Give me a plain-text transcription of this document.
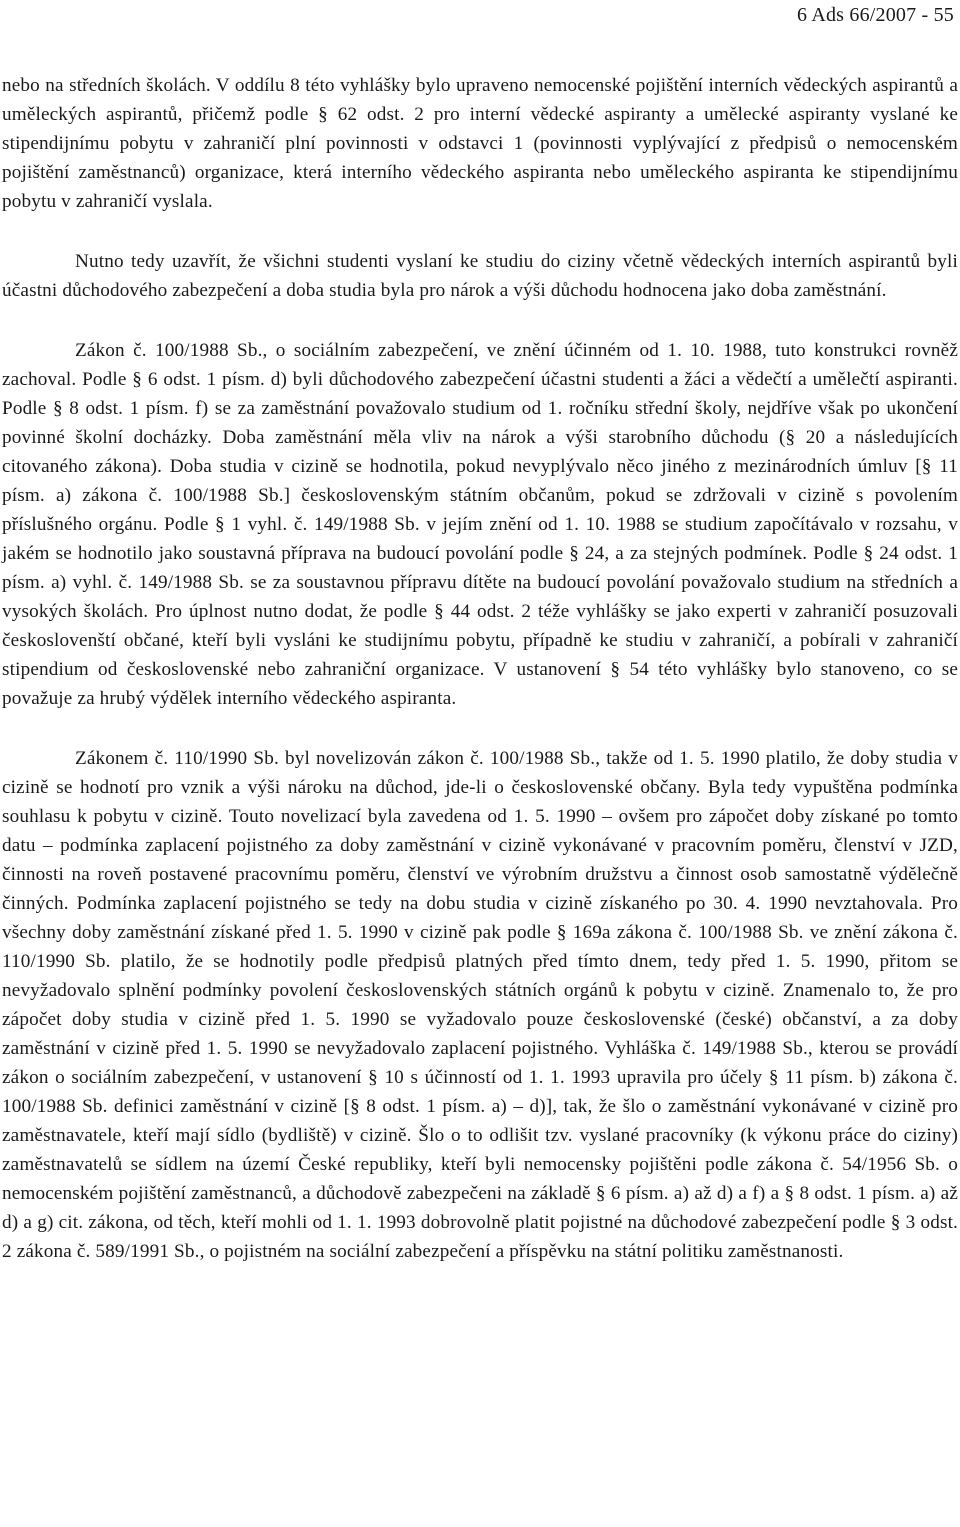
6 Ads 66/2007 - 55

nebo na středních školách. V oddílu 8 této vyhlášky bylo upraveno nemocenské pojištění interních vědeckých aspirantů a uměleckých aspirantů, přičemž podle § 62 odst. 2 pro interní vědecké aspiranty a umělecké aspiranty vyslané ke stipendijnímu pobytu v zahraničí plní povinnosti v odstavci 1 (povinnosti vyplývající z předpisů o nemocenském pojištění zaměstnanců) organizace, která interního vědeckého aspiranta nebo uměleckého aspiranta ke stipendijnímu pobytu v zahraničí vyslala.

Nutno tedy uzavřít, že všichni studenti vyslaní ke studiu do ciziny včetně vědeckých interních aspirantů byli účastni důchodového zabezpečení a doba studia byla pro nárok a výši důchodu hodnocena jako doba zaměstnání.

Zákon č. 100/1988 Sb., o sociálním zabezpečení, ve znění účinném od 1. 10. 1988, tuto konstrukci rovněž zachoval. Podle § 6 odst. 1 písm. d) byli důchodového zabezpečení účastni studenti a žáci a vědečtí a umělečtí aspiranti. Podle § 8 odst. 1 písm. f) se za zaměstnání považovalo studium od 1. ročníku střední školy, nejdříve však po ukončení povinné školní docházky. Doba zaměstnání měla vliv na nárok a výši starobního důchodu (§ 20 a následujících citovaného zákona). Doba studia v cizině se hodnotila, pokud nevyplývalo něco jiného z mezinárodních úmluv [§ 11 písm. a) zákona č. 100/1988 Sb.] československým státním občanům, pokud se zdržovali v cizině s povolením příslušného orgánu. Podle § 1 vyhl. č. 149/1988 Sb. v jejím znění od 1. 10. 1988 se studium započítávalo v rozsahu, v jakém se hodnotilo jako soustavná příprava na budoucí povolání podle § 24, a za stejných podmínek. Podle § 24 odst. 1 písm. a) vyhl. č. 149/1988 Sb. se za soustavnou přípravu dítěte na budoucí povolání považovalo studium na středních a vysokých školách. Pro úplnost nutno dodat, že podle § 44 odst. 2 téže vyhlášky se jako experti v zahraničí posuzovali českoslovenští občané, kteří byli vysláni ke studijnímu pobytu, případně ke studiu v zahraničí, a pobírali v zahraničí stipendium od československé nebo zahraniční organizace. V ustanovení § 54 této vyhlášky bylo stanoveno, co se považuje za hrubý výdělek interního vědeckého aspiranta.

Zákonem č. 110/1990 Sb. byl novelizován zákon č. 100/1988 Sb., takže od 1. 5. 1990 platilo, že doby studia v cizině se hodnotí pro vznik a výši nároku na důchod, jde-li o československé občany. Byla tedy vypuštěna podmínka souhlasu k pobytu v cizině. Touto novelizací byla zavedena od 1. 5. 1990 – ovšem pro zápočet doby získané po tomto datu – podmínka zaplacení pojistného za doby zaměstnání v cizině vykonávané v pracovním poměru, členství v JZD, činnosti na roveň postavené pracovnímu poměru, členství ve výrobním družstvu a činnost osob samostatně výdělečně činných. Podmínka zaplacení pojistného se tedy na dobu studia v cizině získaného po 30. 4. 1990 nevztahovala. Pro všechny doby zaměstnání získané před 1. 5. 1990 v cizině pak podle § 169a zákona č. 100/1988 Sb. ve znění zákona č. 110/1990 Sb. platilo, že se hodnotily podle předpisů platných před tímto dnem, tedy před 1. 5. 1990, přitom se nevyžadovalo splnění podmínky povolení československých státních orgánů k pobytu v cizině. Znamenalo to, že pro zápočet doby studia v cizině před 1. 5. 1990 se vyžadovalo pouze československé (české) občanství, a za doby zaměstnání v cizině před 1. 5. 1990 se nevyžadovalo zaplacení pojistného. Vyhláška č. 149/1988 Sb., kterou se provádí zákon o sociálním zabezpečení, v ustanovení § 10 s účinností od 1. 1. 1993 upravila pro účely § 11 písm. b) zákona č. 100/1988 Sb. definici zaměstnání v cizině [§ 8 odst. 1 písm. a) – d)], tak, že šlo o zaměstnání vykonávané v cizině pro zaměstnavatele, kteří mají sídlo (bydliště) v cizině. Šlo o to odlišit tzv. vyslané pracovníky (k výkonu práce do ciziny) zaměstnavatelů se sídlem na území České republiky, kteří byli nemocensky pojištěni podle zákona č. 54/1956 Sb. o nemocenském pojištění zaměstnanců, a důchodově zabezpečeni na základě § 6 písm. a) až d) a f) a § 8 odst. 1 písm. a) až d) a g) cit. zákona, od těch, kteří mohli od 1. 1. 1993 dobrovolně platit pojistné na důchodové zabezpečení podle § 3 odst. 2 zákona č. 589/1991 Sb., o pojistném na sociální zabezpečení a příspěvku na státní politiku zaměstnanosti.
